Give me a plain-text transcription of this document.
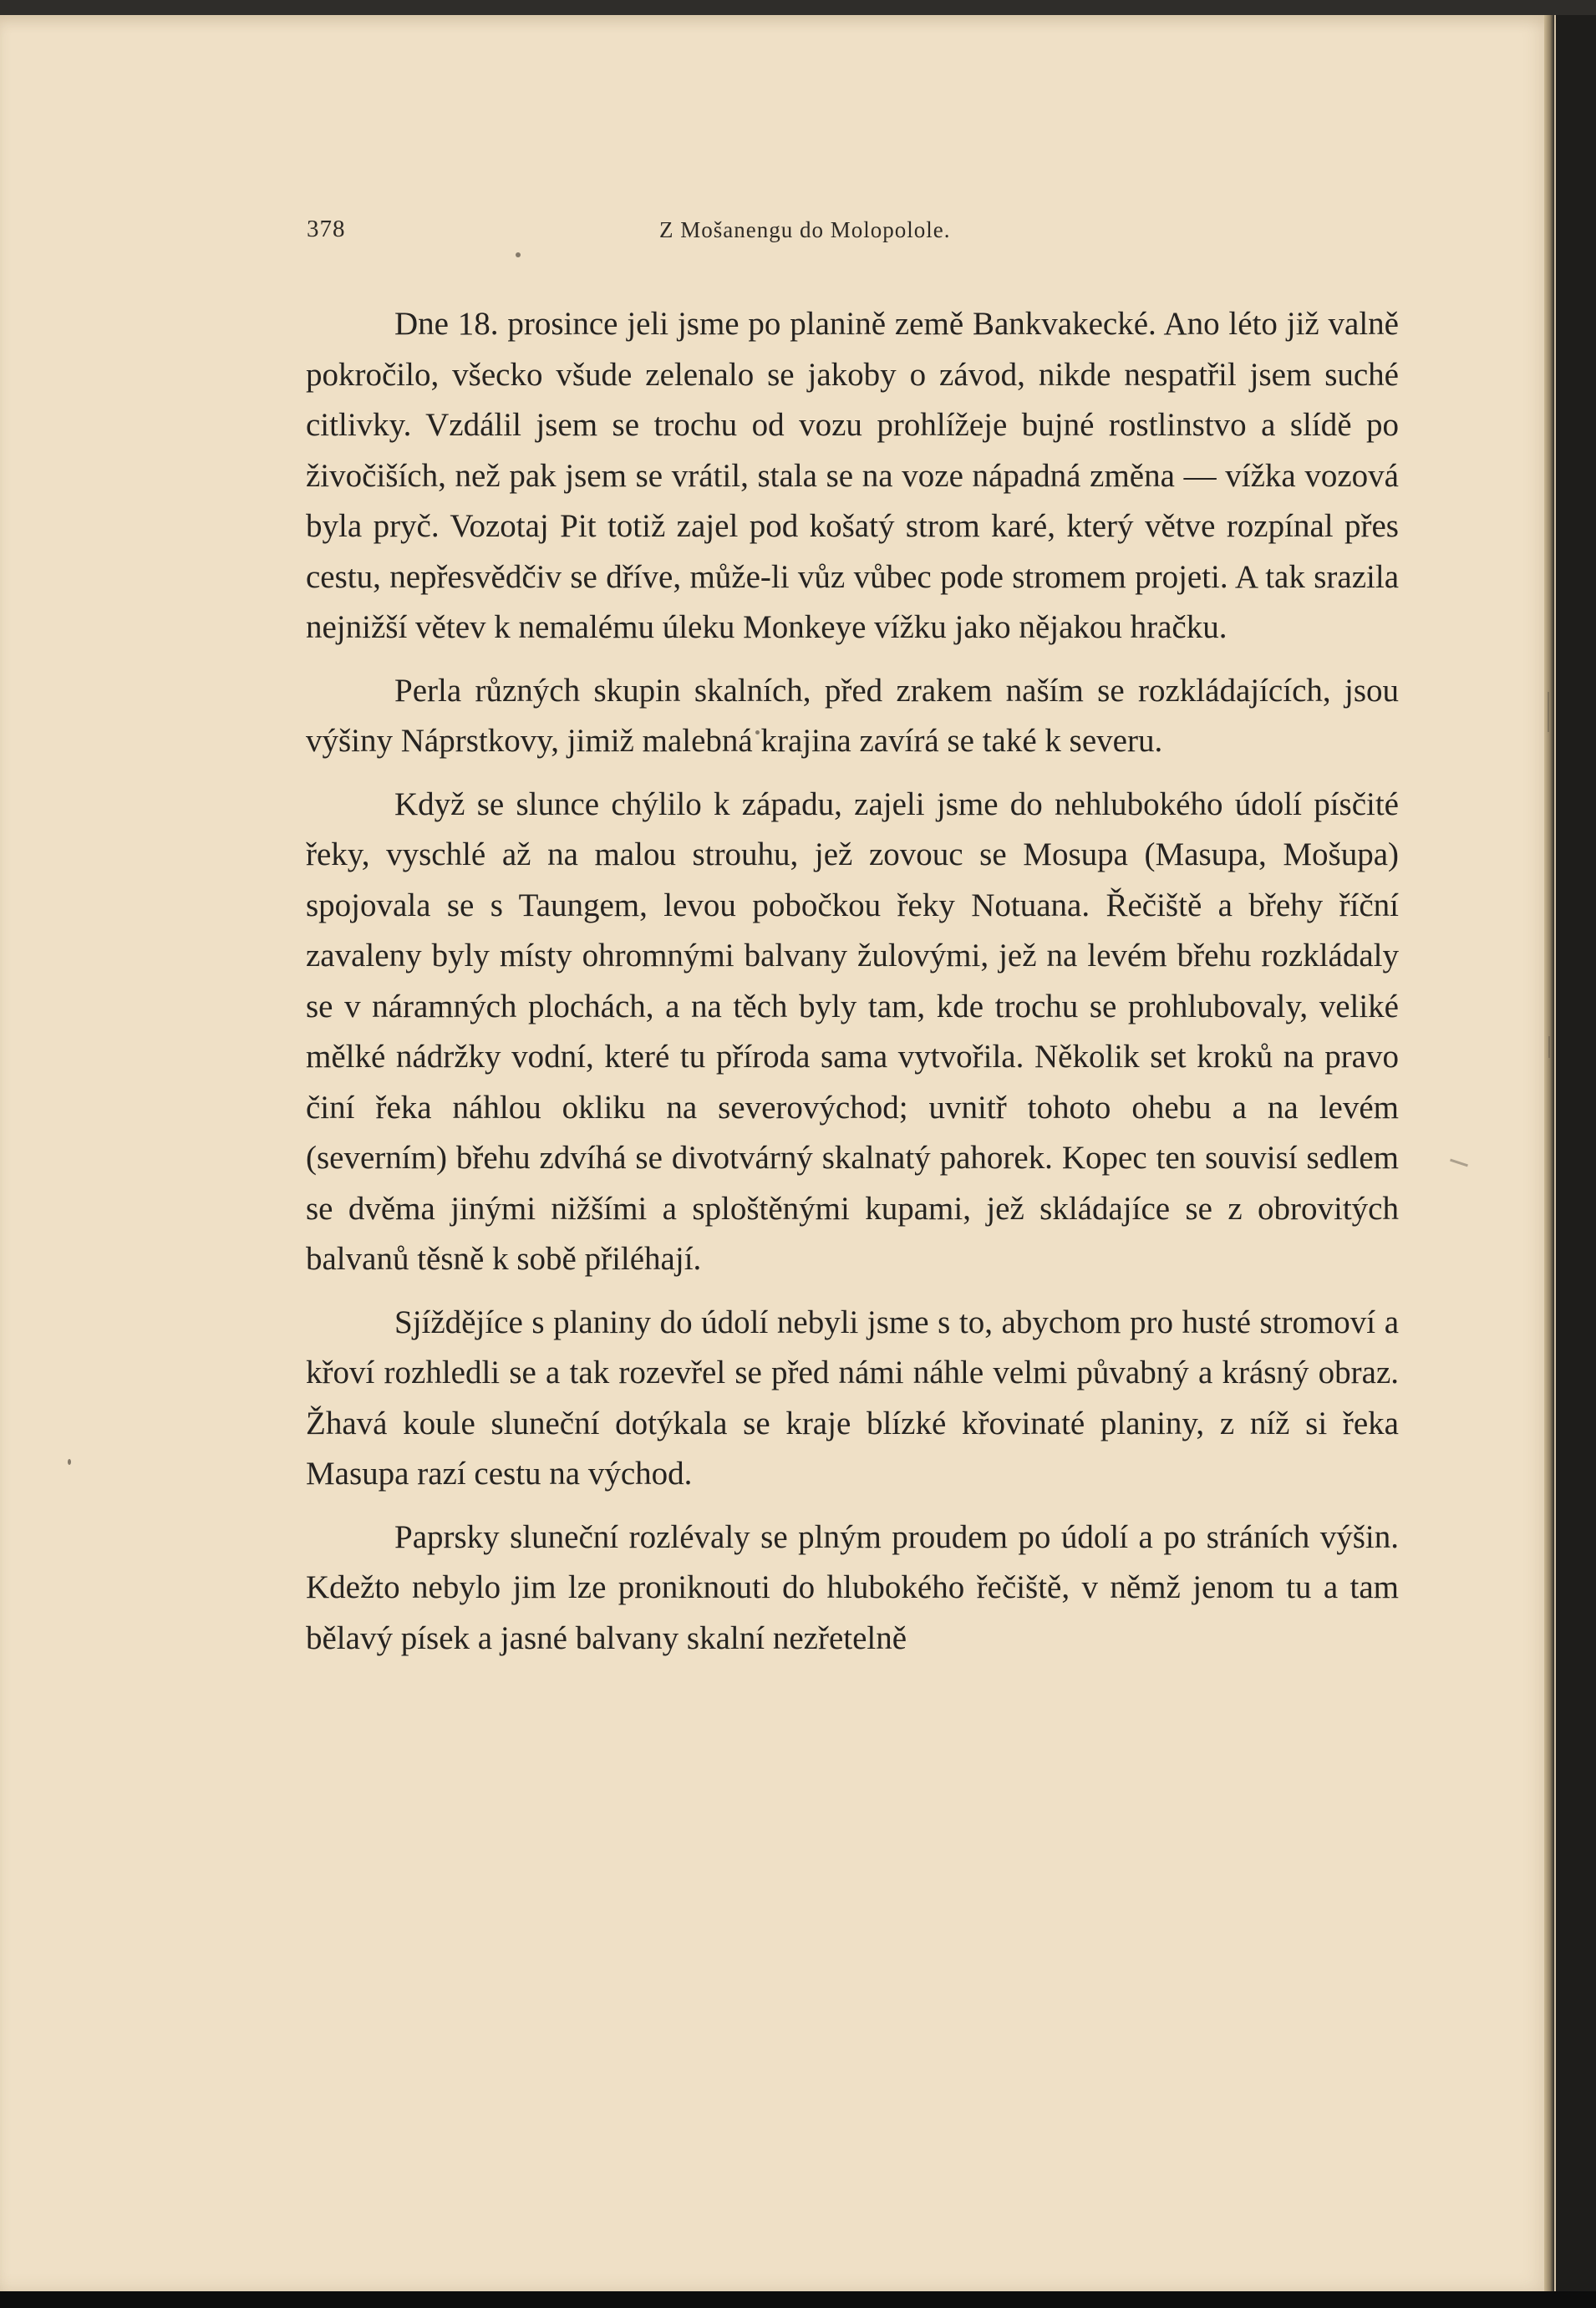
378	Z Mošanengu do Molopolole.

Dne 18. prosince jeli jsme po planině země Bankvakecké. Ano léto již valně pokročilo, všecko všude zelenalo se jakoby o závod, nikde nespatřil jsem suché citlivky. Vzdálil jsem se trochu od vozu prohlížeje bujné rostlinstvo a slídě po živočiších, než pak jsem se vrátil, stala se na voze nápadná změna — vížka vozová byla pryč. Vozotaj Pit totiž zajel pod košatý strom karé, který větve rozpínal přes cestu, nepřesvědčiv se dříve, může-li vůz vůbec pode stromem projeti. A tak srazila nejnižší větev k nemalému úleku Monkeye vížku jako nějakou hračku.

Perla různých skupin skalních, před zrakem naším se rozkládajících, jsou výšiny Náprstkovy, jimiž malebná krajina zavírá se také k severu.

Když se slunce chýlilo k západu, zajeli jsme do nehlubokého údolí písčité řeky, vyschlé až na malou strouhu, jež zovouc se Mosupa (Masupa, Mošupa) spojovala se s Taungem, levou pobočkou řeky Notuana. Řečiště a břehy říční zavaleny byly místy ohromnými balvany žulovými, jež na levém břehu rozkládaly se v náramných plochách, a na těch byly tam, kde trochu se prohlubovaly, veliké mělké nádržky vodní, které tu příroda sama vytvořila. Několik set kroků na pravo činí řeka náhlou okliku na severovýchod; uvnitř tohoto ohebu a na levém (severním) břehu zdvíhá se divotvárný skalnatý pahorek. Kopec ten souvisí sedlem se dvěma jinými nižšími a sploštěnými kupami, jež skládajíce se z obrovitých balvanů těsně k sobě přiléhají.

Sjíždějíce s planiny do údolí nebyli jsme s to, abychom pro husté stromoví a křoví rozhledli se a tak rozevřel se před námi náhle velmi půvabný a krásný obraz. Žhavá koule sluneční dotýkala se kraje blízké křovinaté planiny, z níž si řeka Masupa razí cestu na východ.

Paprsky sluneční rozlévaly se plným proudem po údolí a po stráních výšin. Kdežto nebylo jim lze proniknouti do hlubokého řečiště, v němž jenom tu a tam bělavý písek a jasné balvany skalní nezřetelně
